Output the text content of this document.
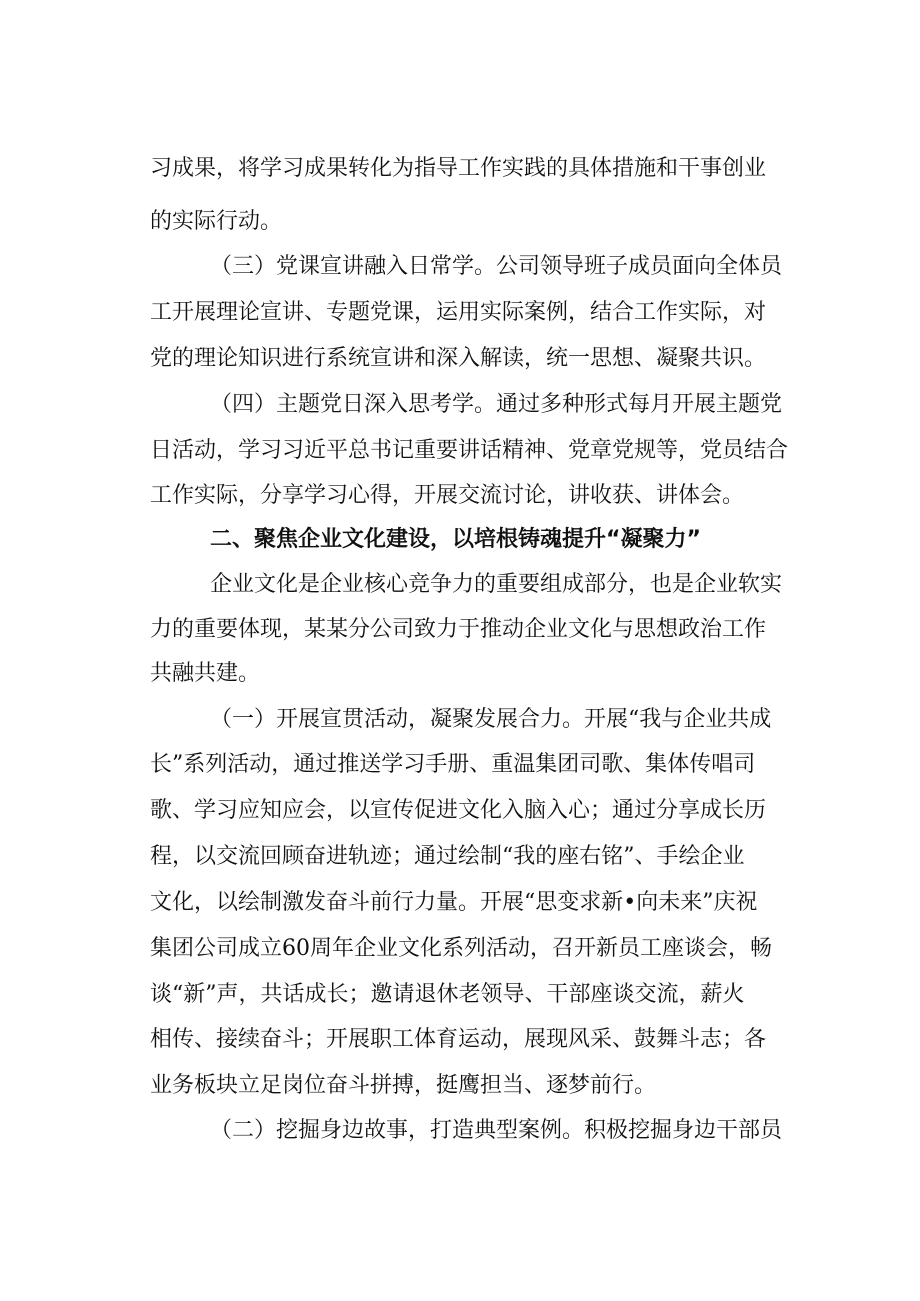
习成果，将学习成果转化为指导工作实践的具体措施和干事创业
的实际行动。
（三）党课宣讲融入日常学。公司领导班子成员面向全体员
工开展理论宣讲、专题党课，运用实际案例，结合工作实际，对
党的理论知识进行系统宣讲和深入解读，统一思想、凝聚共识。
（四）主题党日深入思考学。通过多种形式每月开展主题党
日活动，学习习近平总书记重要讲话精神、党章党规等，党员结合
工作实际，分享学习心得，开展交流讨论，讲收获、讲体会。
二、聚焦企业文化建设，以培根铸魂提升“凝聚力”
企业文化是企业核心竞争力的重要组成部分，也是企业软实
力的重要体现，某某分公司致力于推动企业文化与思想政治工作
共融共建。
（一）开展宣贯活动，凝聚发展合力。开展“我与企业共成
长”系列活动，通过推送学习手册、重温集团司歌、集体传唱司
歌、学习应知应会，以宣传促进文化入脑入心；通过分享成长历
程，以交流回顾奋进轨迹；通过绘制“我的座右铭”、手绘企业
文化，以绘制激发奋斗前行力量。开展“思变求新•向未来”庆祝
集团公司成立60周年企业文化系列活动，召开新员工座谈会，畅
谈“新”声，共话成长；邀请退休老领导、干部座谈交流，薪火
相传、接续奋斗；开展职工体育运动，展现风采、鼓舞斗志；各
业务板块立足岗位奋斗拼搏，挺鹰担当、逐梦前行。
（二）挖掘身边故事，打造典型案例。积极挖掘身边干部员
